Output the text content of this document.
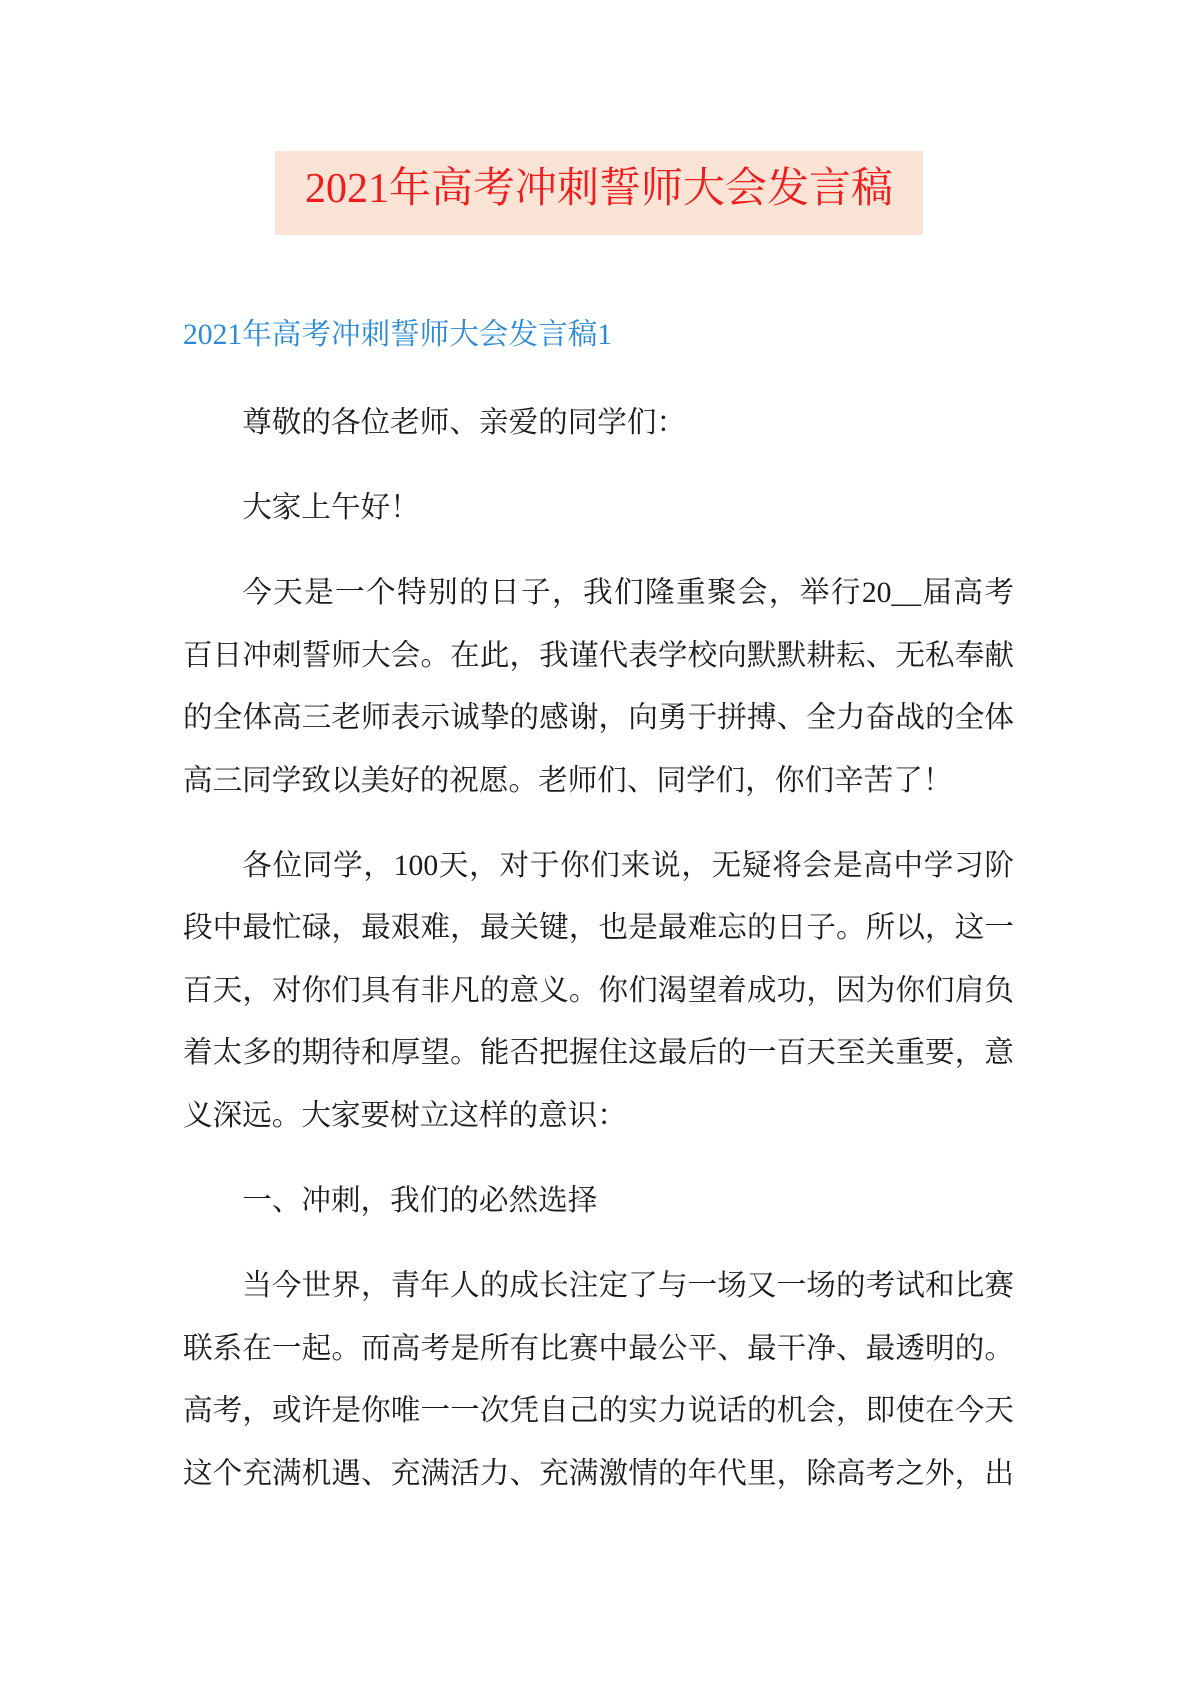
2021年高考冲刺誓师大会发言稿
2021年高考冲刺誓师大会发言稿1
尊敬的各位老师、亲爱的同学们：
大家上午好！
今天是一个特别的日子，我们隆重聚会，举行20__届高考
百日冲刺誓师大会。在此，我谨代表学校向默默耕耘、无私奉献
的全体高三老师表示诚挚的感谢，向勇于拼搏、全力奋战的全体
高三同学致以美好的祝愿。老师们、同学们，你们辛苦了！
各位同学，100天，对于你们来说，无疑将会是高中学习阶
段中最忙碌，最艰难，最关键，也是最难忘的日子。所以，这一
百天，对你们具有非凡的意义。你们渴望着成功，因为你们肩负
着太多的期待和厚望。能否把握住这最后的一百天至关重要，意
义深远。大家要树立这样的意识：
一、冲刺，我们的必然选择
当今世界，青年人的成长注定了与一场又一场的考试和比赛
联系在一起。而高考是所有比赛中最公平、最干净、最透明的。
高考，或许是你唯一一次凭自己的实力说话的机会，即使在今天
这个充满机遇、充满活力、充满激情的年代里，除高考之外，出
